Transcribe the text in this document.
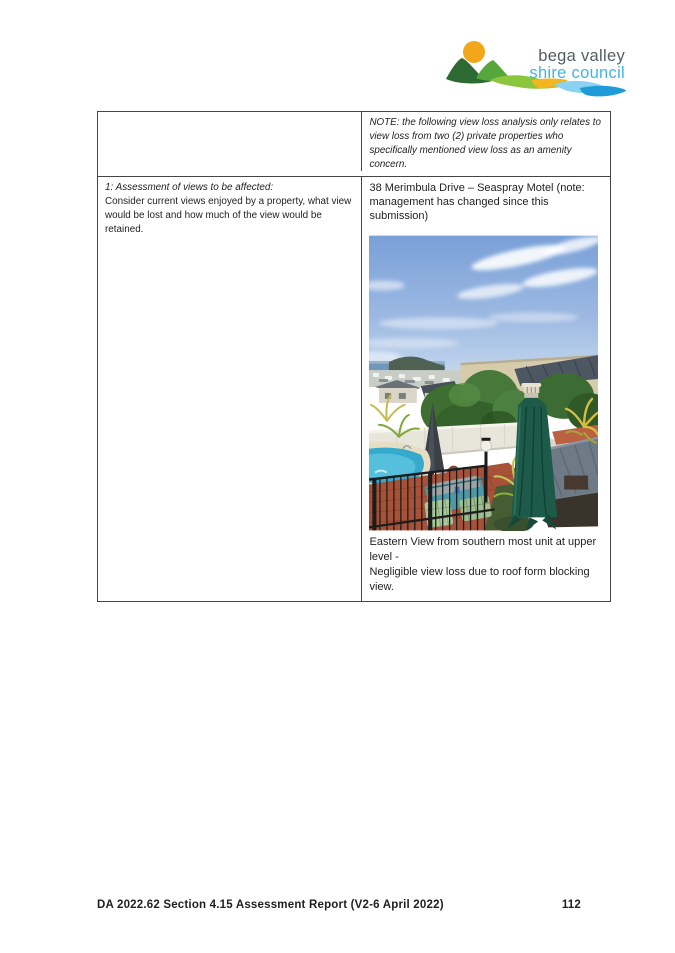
bega valley
shire council
NOTE: the following view loss analysis only relates to view loss from two (2) private properties who specifically mentioned view loss as an amenity concern.
1: Assessment of views to be affected:
Consider current views enjoyed by a property, what view would be lost and how much of the view would be retained.
38 Merimbula Drive – Seaspray Motel (note: management has changed since this submission)

Eastern View from southern most unit at upper level -

Negligible view loss due to roof form blocking view.

DA 2022.62 Section 4.15 Assessment Report (V2-6 April 2022)	112
